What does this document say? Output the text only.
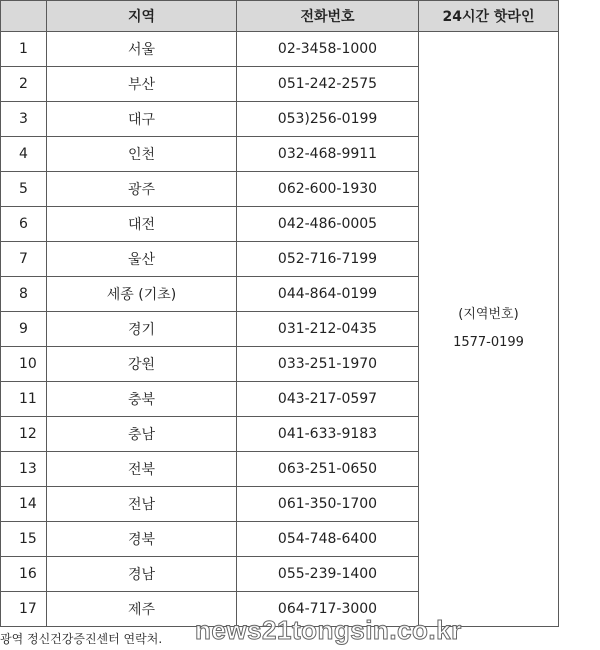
	지역	전화번호	24시간 핫라인
1	서울	02-3458-1000	(지역번호)
1577-0199

2	부산	051-242-2575	
3	대구	053)256-0199	
4	인천	032-468-9911	
5	광주	062-600-1930	
6	대전	042-486-0005	
7	울산	052-716-7199	
8	세종 (기초)	044-864-0199	
9	경기	031-212-0435	
10	강원	033-251-1970	
11	충북	043-217-0597	
12	충남	041-633-9183	
13	전북	063-251-0650	
14	전남	061-350-1700	
15	경북	054-748-6400	
16	경남	055-239-1400	
17	제주	064-717-3000	
광역 정신건강증진센터 연락처. news21tongsin.co.kr
